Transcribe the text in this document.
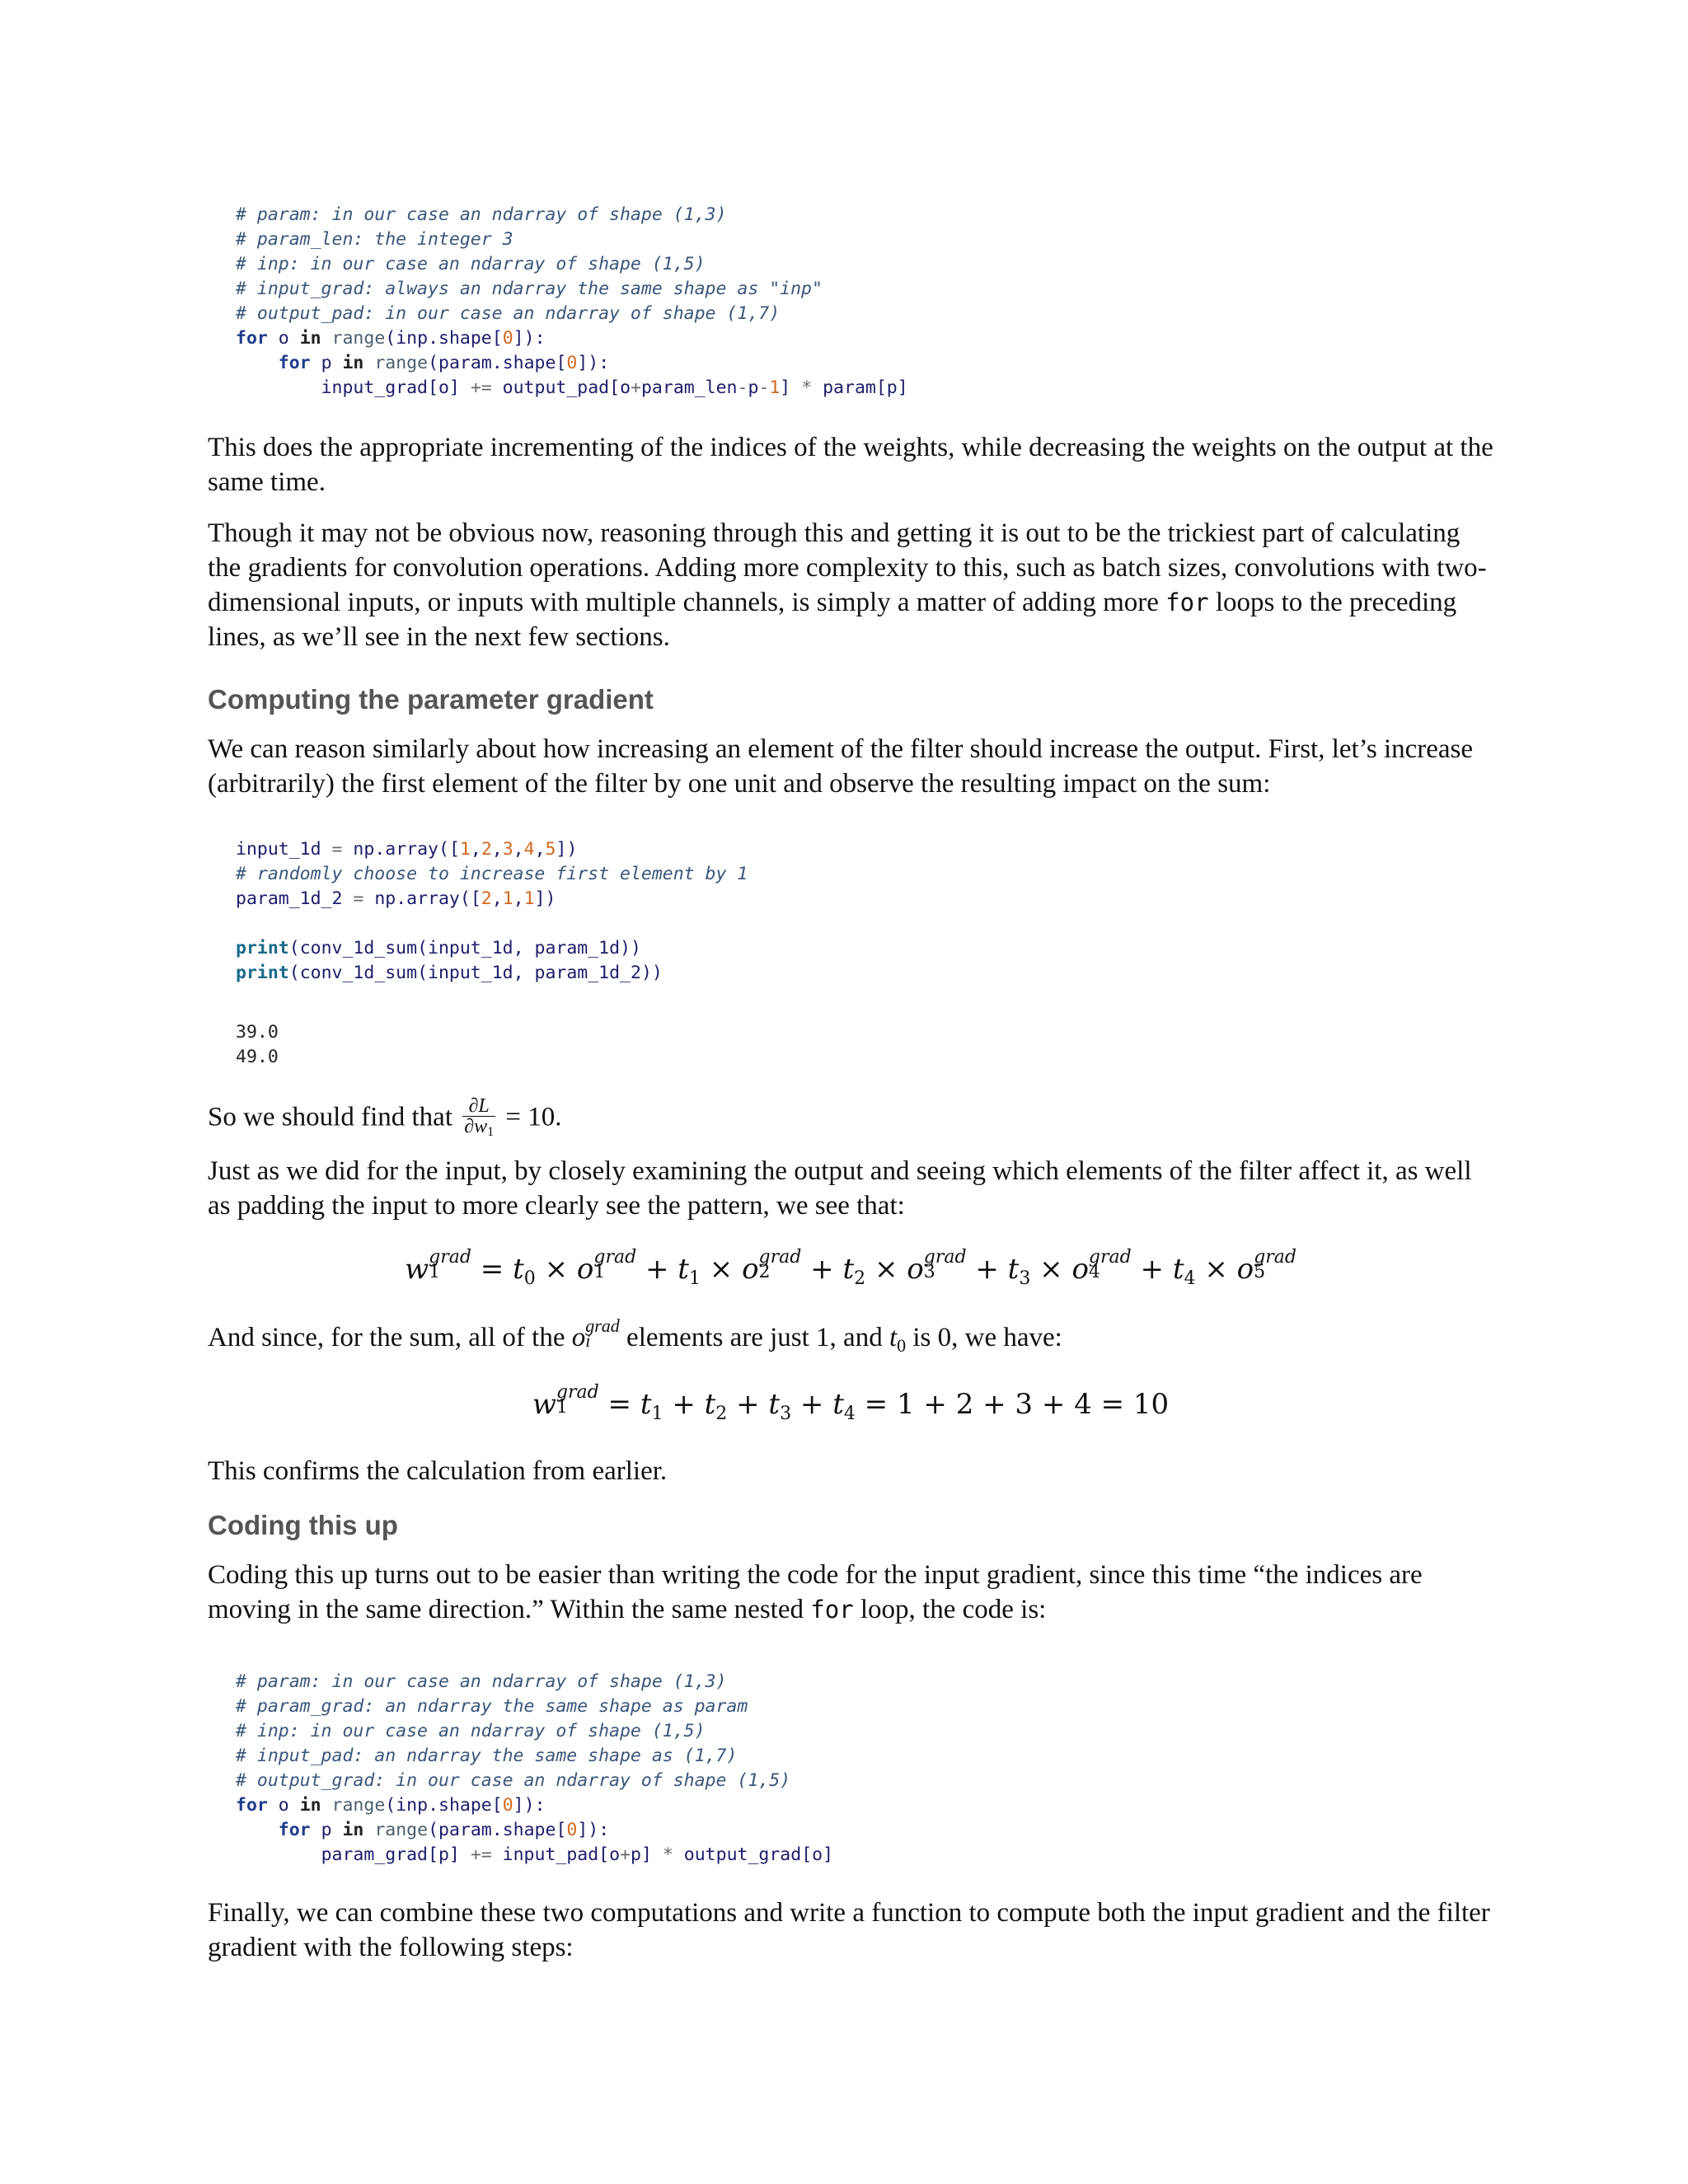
# param: in our case an ndarray of shape (1,3)
# param_len: the integer 3
# inp: in our case an ndarray of shape (1,5)
# input_grad: always an ndarray the same shape as "inp"
# output_pad: in our case an ndarray of shape (1,7)
for o in range(inp.shape[0]):
for p in range(param.shape[0]):
input_grad[o] += output_pad[o+param_len-p-1] * param[p]

This does the appropriate incrementing of the indices of the weights, while decreasing the weights on the output at the same time.

Though it may not be obvious now, reasoning through this and getting it is out to be the trickiest part of calculating the gradients for convolution operations. Adding more complexity to this, such as batch sizes, convolutions with two-dimensional inputs, or inputs with multiple channels, is simply a matter of adding more for loops to the preceding lines, as we’ll see in the next few sections.

Computing the parameter gradient

We can reason similarly about how increasing an element of the filter should increase the output. First, let’s increase (arbitrarily) the first element of the filter by one unit and observe the resulting impact on the sum:

input_1d = np.array([1,2,3,4,5])
# randomly choose to increase first element by 1
param_1d_2 = np.array([2,1,1])
print(conv_1d_sum(input_1d, param_1d))
print(conv_1d_sum(input_1d, param_1d_2))
39.0
49.0

So we should find that $\frac{\partial L}{\partial w_1} = 10$.

Just as we did for the input, by closely examining the output and seeing which elements of the filter affect it, as well as padding the input to more clearly see the pattern, we see that:

w grad
1	= $t_0 \times o$ grad
1	+ $t_1 \times o$ grad
2	+ $t_2 \times o$ grad
3	+ $t_3 \times o$ grad
4	+ $t_4 \times o$ grad
5

And since, for the sum, all of the o grad
i	elements are just 1, and $t_0$ is 0, we have:

w grad
1	= $t_1 + t_2 + t_3 + t_4 = 1 + 2 + 3 + 4 = 10$

This confirms the calculation from earlier.

Coding this up

Coding this up turns out to be easier than writing the code for the input gradient, since this time “the indices are moving in the same direction.” Within the same nested for loop, the code is:

# param: in our case an ndarray of shape (1,3)
# param_grad: an ndarray the same shape as param
# inp: in our case an ndarray of shape (1,5)
# input_pad: an ndarray the same shape as (1,7)
# output_grad: in our case an ndarray of shape (1,5)
for o in range(inp.shape[0]):
for p in range(param.shape[0]):
param_grad[p] += input_pad[o+p] * output_grad[o]

Finally, we can combine these two computations and write a function to compute both the input gradient and the filter gradient with the following steps:
